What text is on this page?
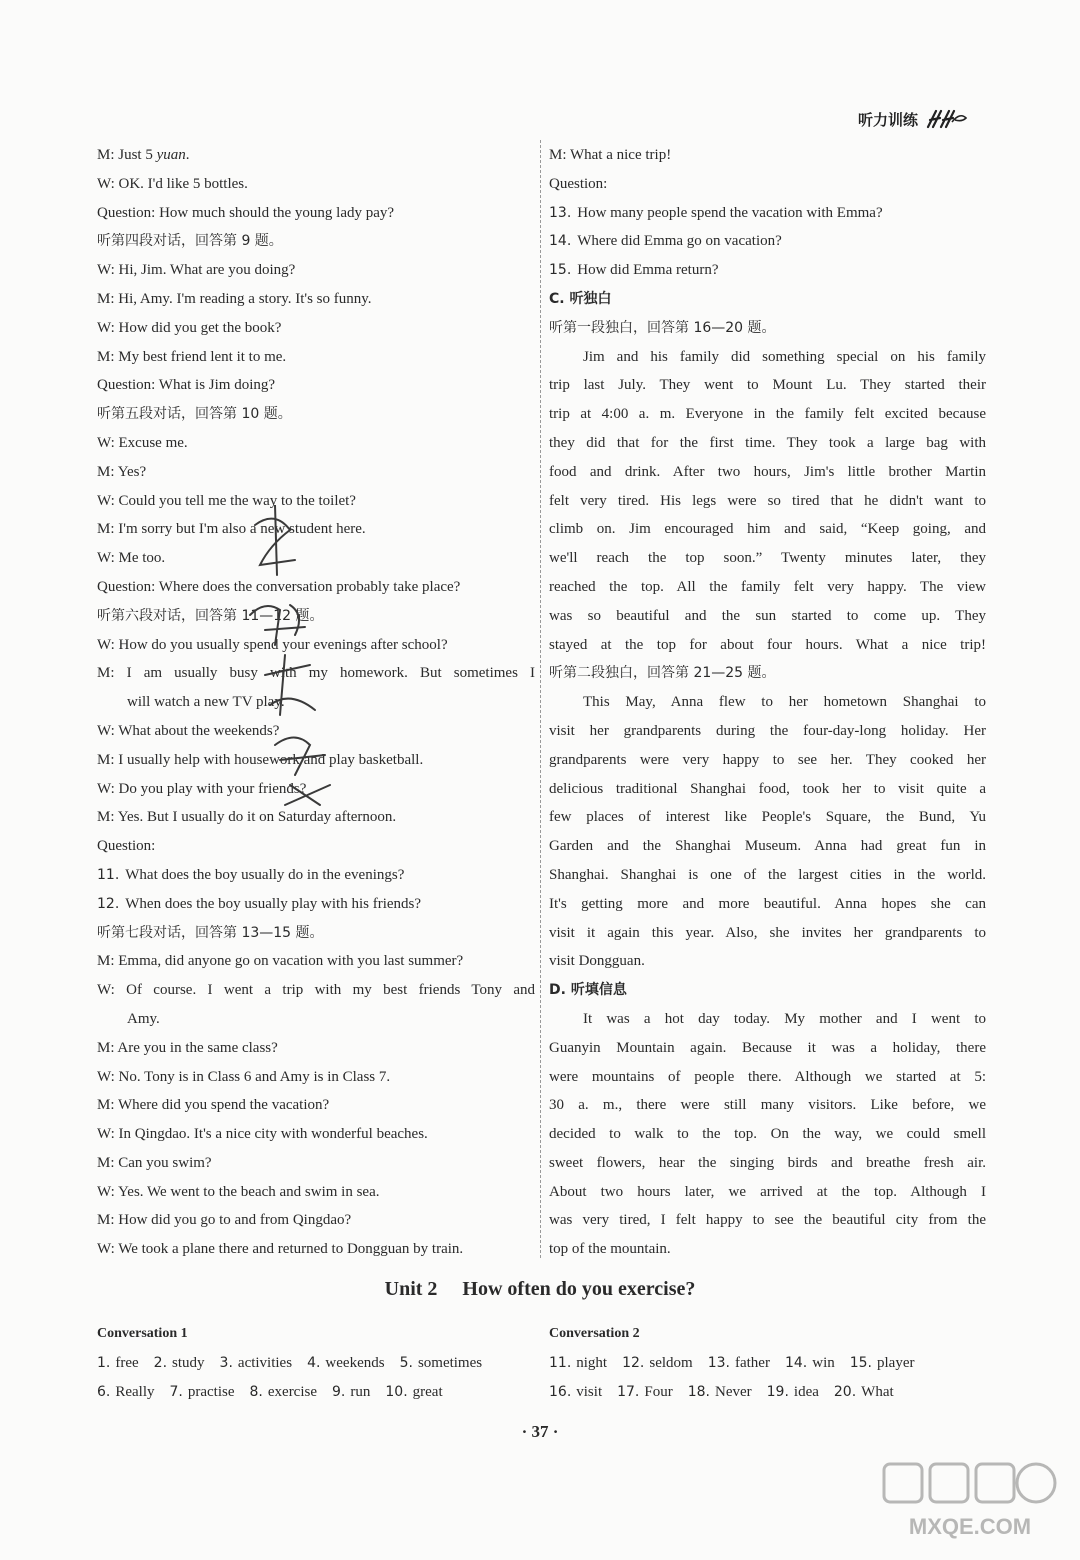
听力训练
M: Just 5 yuan.
W: OK. I'd like 5 bottles.
Question: How much should the young lady pay?
听第四段对话，回答第 9 题。
W: Hi, Jim. What are you doing?
M: Hi, Amy. I'm reading a story. It's so funny.
W: How did you get the book?
M: My best friend lent it to me.
Question: What is Jim doing?
听第五段对话，回答第 10 题。
W: Excuse me.
M: Yes?
W: Could you tell me the way to the toilet?
M: I'm sorry but I'm also a new student here.
W: Me too.
Question: Where does the conversation probably take place?
听第六段对话，回答第 11—12 题。
W: How do you usually spend your evenings after school?
M: I am usually busy with my homework. But sometimes I
will watch a new TV play.
W: What about the weekends?
M: I usually help with housework and play basketball.
W: Do you play with your friends?
M: Yes. But I usually do it on Saturday afternoon.
Question:
11. What does the boy usually do in the evenings?
12. When does the boy usually play with his friends?
听第七段对话，回答第 13—15 题。
M: Emma, did anyone go on vacation with you last summer?
W: Of course. I went a trip with my best friends Tony and
Amy.
M: Are you in the same class?
W: No. Tony is in Class 6 and Amy is in Class 7.
M: Where did you spend the vacation?
W: In Qingdao. It's a nice city with wonderful beaches.
M: Can you swim?
W: Yes. We went to the beach and swim in sea.
M: How did you go to and from Qingdao?
W: We took a plane there and returned to Dongguan by train.
M: What a nice trip!
Question:
13. How many people spend the vacation with Emma?
14. Where did Emma go on vacation?
15. How did Emma return?
C. 听独白
听第一段独白，回答第 16—20 题。
Jim and his family did something special on his family
trip last July. They went to Mount Lu. They started their
trip at 4:00 a. m. Everyone in the family felt excited because
they did that for the first time. They took a large bag with
food and drink. After two hours, Jim's little brother Martin
felt very tired. His legs were so tired that he didn't want to
climb on. Jim encouraged him and said, “Keep going, and
we'll reach the top soon.” Twenty minutes later, they
reached the top. All the family felt very happy. The view
was so beautiful and the sun started to come up. They
stayed at the top for about four hours. What a nice trip!
听第二段独白，回答第 21—25 题。
This May, Anna flew to her hometown Shanghai to
visit her grandparents during the four-day-long holiday. Her
grandparents were very happy to see her. They cooked her
delicious traditional Shanghai food, took her to visit quite a
few places of interest like People's Square, the Bund, Yu
Garden and the Shanghai Museum. Anna had great fun in
Shanghai. Shanghai is one of the largest cities in the world.
It's getting more and more beautiful. Anna hopes she can
visit it again this year. Also, she invites her grandparents to
visit Dongguan.
D. 听填信息
It was a hot day today. My mother and I went to
Guanyin Mountain again. Because it was a holiday, there
were mountains of people there. Although we started at 5:
30 a. m., there were still many visitors. Like before, we
decided to walk to the top. On the way, we could smell
sweet flowers, hear the singing birds and breathe fresh air.
About two hours later, we arrived at the top. Although I
was very tired, I felt happy to see the beautiful city from the
top of the mountain.
Unit 2 How often do you exercise?
Conversation 1	Conversation 2
1. free 2. study 3. activities 4. weekends 5. sometimes
6. Really 7. practise 8. exercise 9. run 10. great
11. night 12. seldom 13. father 14. win 15. player
16. visit 17. Four 18. Never 19. idea 20. What
· 37 ·
MXQE.COM
